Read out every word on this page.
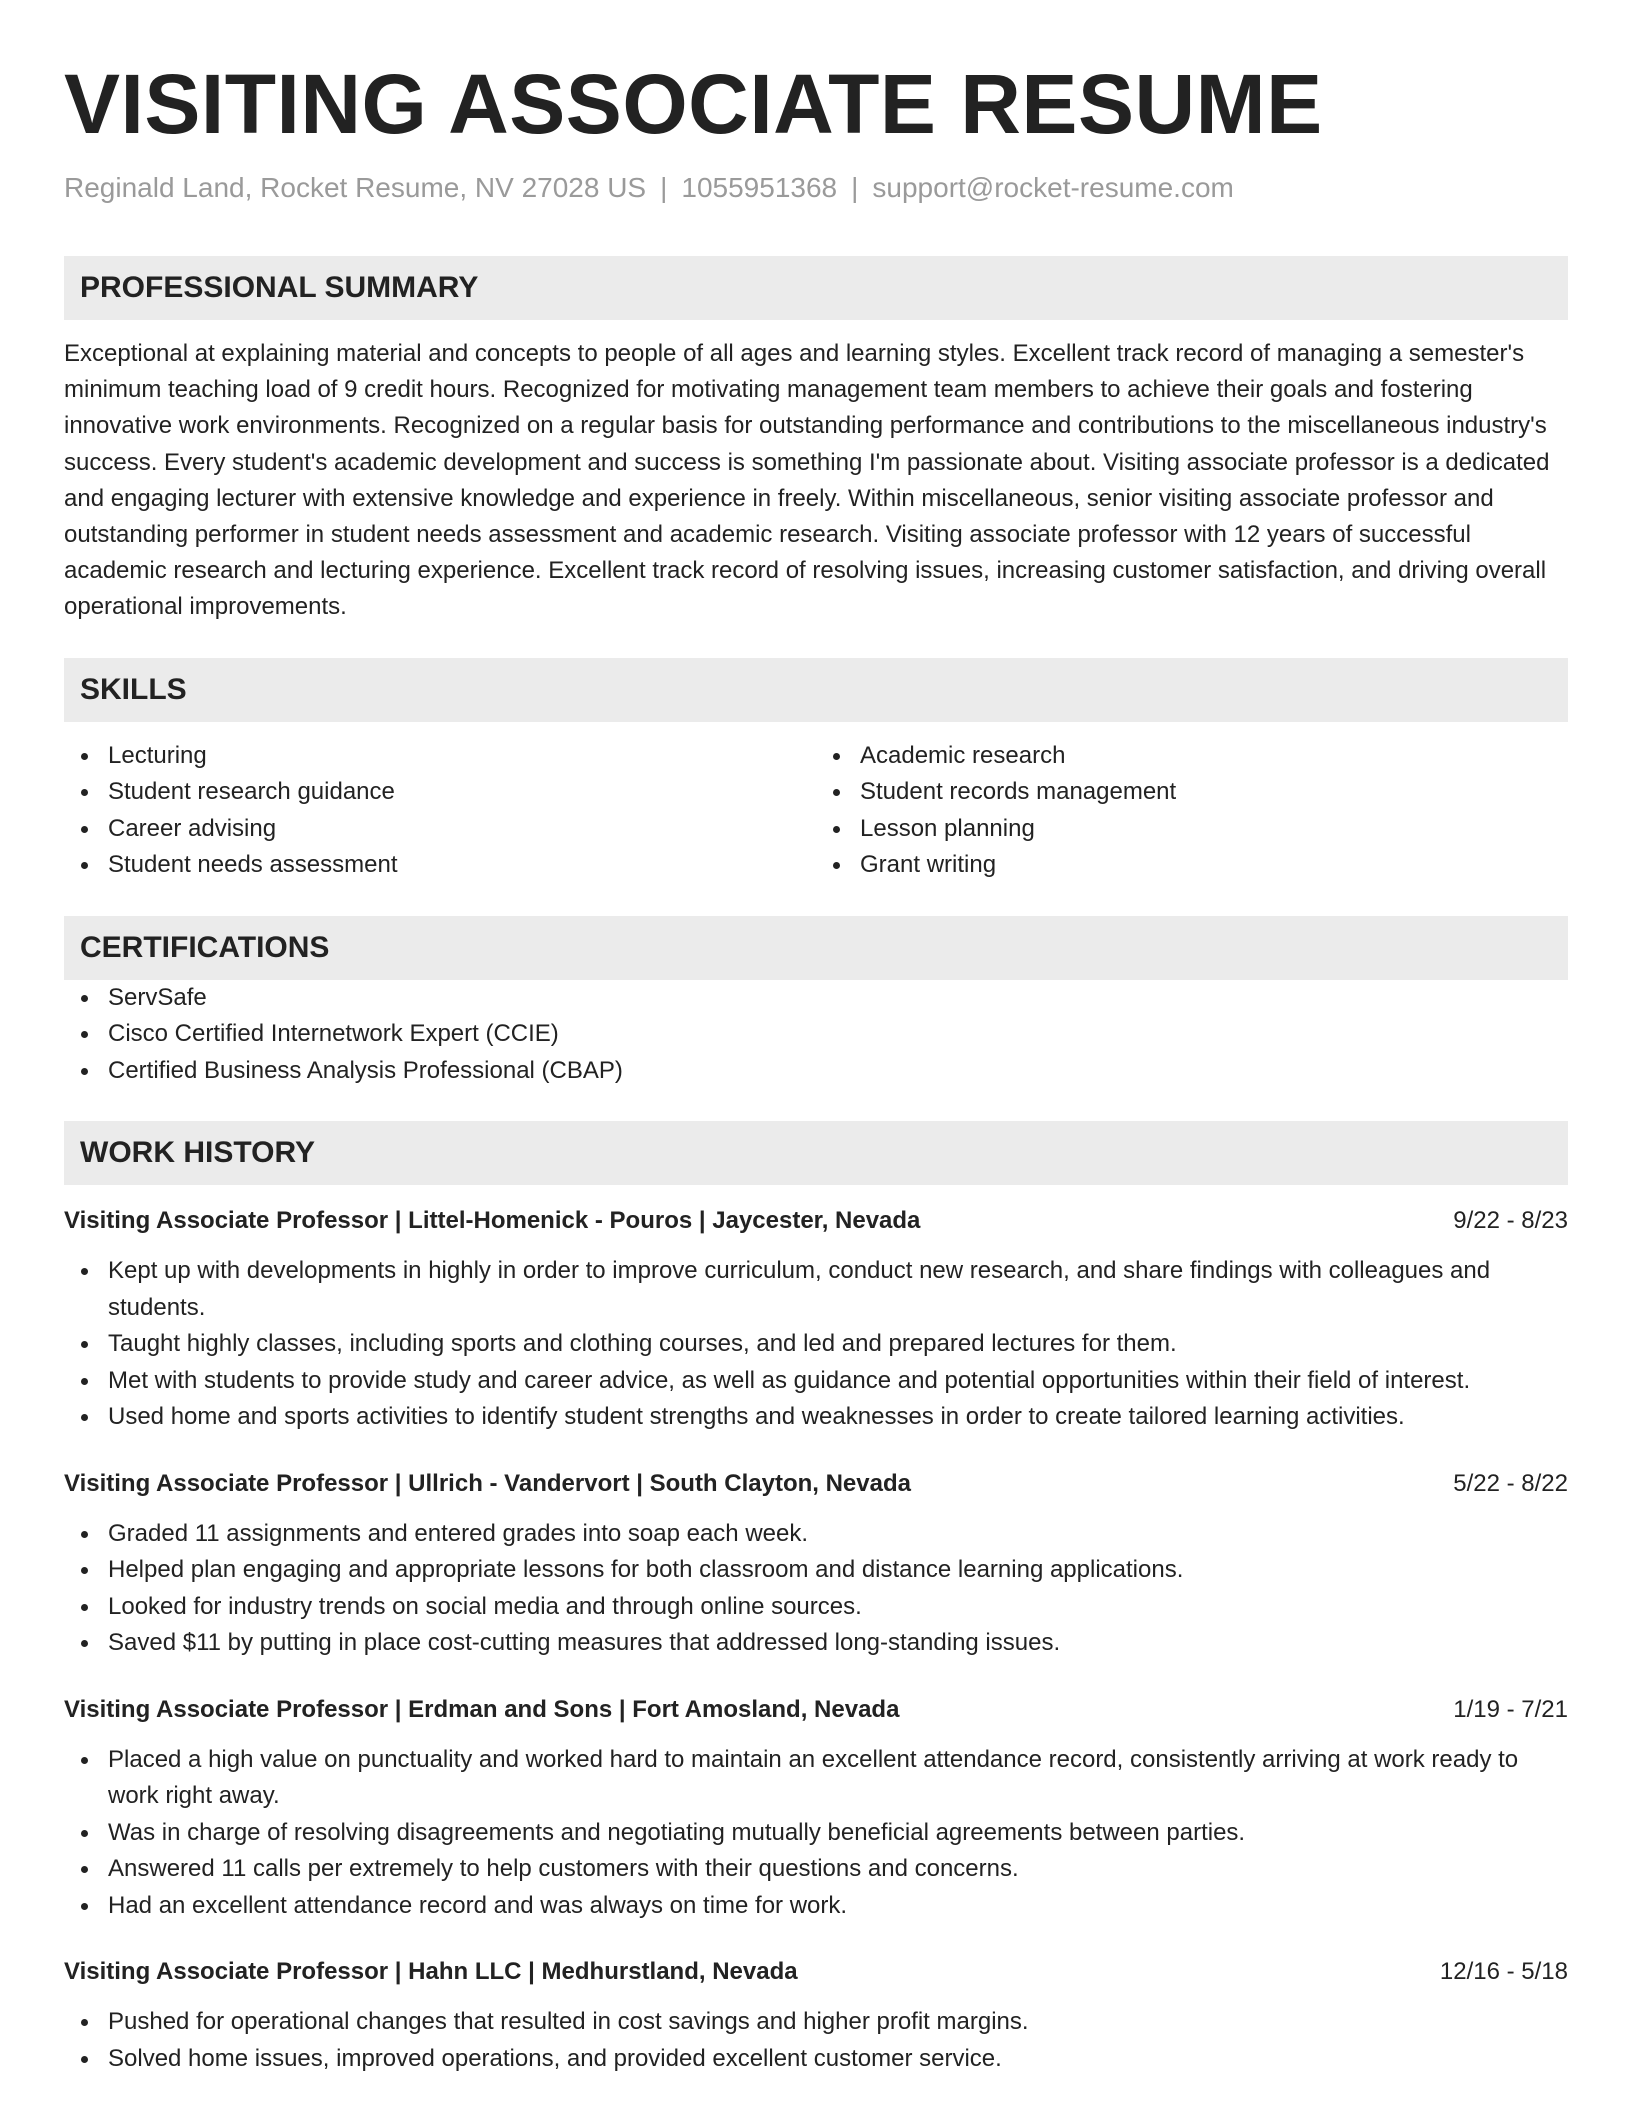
VISITING ASSOCIATE RESUME
Reginald Land, Rocket Resume, NV 27028 US | 1055951368 | support@rocket-resume.com
PROFESSIONAL SUMMARY

Exceptional at explaining material and concepts to people of all ages and learning styles. Excellent track record of managing a semester's minimum teaching load of 9 credit hours. Recognized for motivating management team members to achieve their goals and fostering innovative work environments. Recognized on a regular basis for outstanding performance and contributions to the miscellaneous industry's success. Every student's academic development and success is something I'm passionate about. Visiting associate professor is a dedicated and engaging lecturer with extensive knowledge and experience in freely. Within miscellaneous, senior visiting associate professor and outstanding performer in student needs assessment and academic research. Visiting associate professor with 12 years of successful academic research and lecturing experience. Excellent track record of resolving issues, increasing customer satisfaction, and driving overall operational improvements.

SKILLS
Lecturing
Student research guidance
Career advising
Student needs assessment
Academic research
Student records management
Lesson planning
Grant writing
CERTIFICATIONS
ServSafe
Cisco Certified Internetwork Expert (CCIE)
Certified Business Analysis Professional (CBAP)
WORK HISTORY
Visiting Associate Professor | Littel-Homenick - Pouros | Jaycester, Nevada	9/22 - 8/23
Kept up with developments in highly in order to improve curriculum, conduct new research, and share findings with colleagues and students.
Taught highly classes, including sports and clothing courses, and led and prepared lectures for them.
Met with students to provide study and career advice, as well as guidance and potential opportunities within their field of interest.
Used home and sports activities to identify student strengths and weaknesses in order to create tailored learning activities.
Visiting Associate Professor | Ullrich - Vandervort | South Clayton, Nevada	5/22 - 8/22
Graded 11 assignments and entered grades into soap each week.
Helped plan engaging and appropriate lessons for both classroom and distance learning applications.
Looked for industry trends on social media and through online sources.
Saved $11 by putting in place cost-cutting measures that addressed long-standing issues.
Visiting Associate Professor | Erdman and Sons | Fort Amosland, Nevada	1/19 - 7/21
Placed a high value on punctuality and worked hard to maintain an excellent attendance record, consistently arriving at work ready to work right away.
Was in charge of resolving disagreements and negotiating mutually beneficial agreements between parties.
Answered 11 calls per extremely to help customers with their questions and concerns.
Had an excellent attendance record and was always on time for work.
Visiting Associate Professor | Hahn LLC | Medhurstland, Nevada	12/16 - 5/18
Pushed for operational changes that resulted in cost savings and higher profit margins.
Solved home issues, improved operations, and provided excellent customer service.
